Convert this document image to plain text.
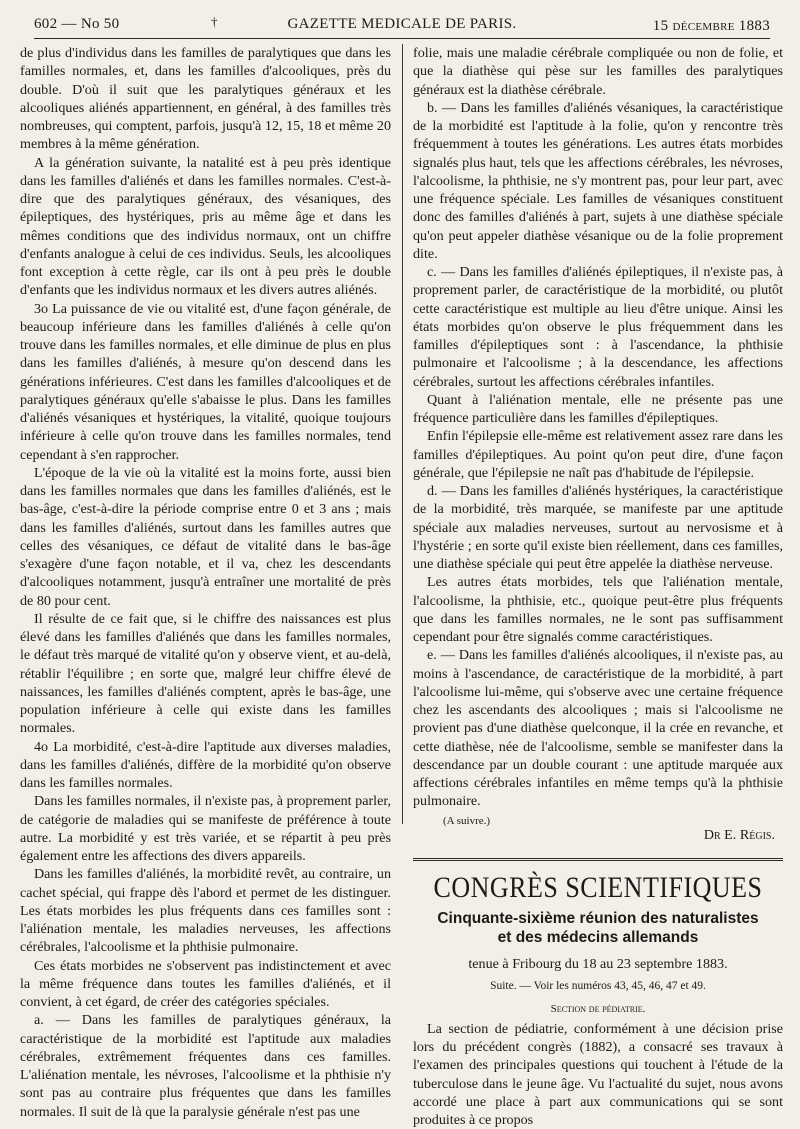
602 — No 50	†	GAZETTE MEDICALE DE PARIS.	15 décembre 1883

de plus d'individus dans les familles de paralytiques que dans les familles normales, et, dans les familles d'alcooliques, près du double. D'où il suit que les paralytiques généraux et les alcooliques aliénés appartiennent, en général, à des familles très nombreuses, qui comptent, parfois, jusqu'à 12, 15, 18 et même 20 membres à la même génération.

A la génération suivante, la natalité est à peu près identique dans les familles d'aliénés et dans les familles normales. C'est-à-dire que des paralytiques généraux, des vésaniques, des épileptiques, des hystériques, pris au même âge et dans les mêmes conditions que des individus normaux, ont un chiffre d'enfants analogue à celui de ces individus. Seuls, les alcooliques font exception à cette règle, car ils ont à peu près le double d'enfants que les individus normaux et les divers autres aliénés.

3o La puissance de vie ou vitalité est, d'une façon générale, de beaucoup inférieure dans les familles d'aliénés à celle qu'on trouve dans les familles normales, et elle diminue de plus en plus dans les familles d'aliénés, à mesure qu'on descend dans les générations inférieures. C'est dans les familles d'alcooliques et de paralytiques généraux qu'elle s'abaisse le plus. Dans les familles d'aliénés vésaniques et hystériques, la vitalité, quoique toujours inférieure à celle qu'on trouve dans les familles normales, tend cependant à s'en rapprocher.

L'époque de la vie où la vitalité est la moins forte, aussi bien dans les familles normales que dans les familles d'aliénés, est le bas-âge, c'est-à-dire la période comprise entre 0 et 3 ans ; mais dans les familles d'aliénés, surtout dans les familles autres que celles des vésaniques, ce défaut de vitalité dans le bas-âge s'exagère d'une façon notable, et il va, chez les descendants d'alcooliques notamment, jusqu'à entraîner une mortalité de près de 80 pour cent.

Il résulte de ce fait que, si le chiffre des naissances est plus élevé dans les familles d'aliénés que dans les familles normales, le défaut très marqué de vitalité qu'on y observe vient, et au-delà, rétablir l'équilibre ; en sorte que, malgré leur chiffre élevé de naissances, les familles d'aliénés comptent, après le bas-âge, une population inférieure à celle qui existe dans les familles normales.

4o La morbidité, c'est-à-dire l'aptitude aux diverses maladies, dans les familles d'aliénés, diffère de la morbidité qu'on observe dans les familles normales.

Dans les familles normales, il n'existe pas, à proprement parler, de catégorie de maladies qui se manifeste de préférence à toute autre. La morbidité y est très variée, et se répartit à peu près également entre les affections des divers appareils.

Dans les familles d'aliénés, la morbidité revêt, au contraire, un cachet spécial, qui frappe dès l'abord et permet de les distinguer. Les états morbides les plus fréquents dans ces familles sont : l'aliénation mentale, les maladies nerveuses, les affections cérébrales, l'alcoolisme et la phthisie pulmonaire.

Ces états morbides ne s'observent pas indistinctement et avec la même fréquence dans toutes les familles d'aliénés, et il convient, à cet égard, de créer des catégories spéciales.

a. — Dans les familles de paralytiques généraux, la caractéristique de la morbidité est l'aptitude aux maladies cérébrales, extrêmement fréquentes dans ces familles. L'aliénation mentale, les névroses, l'alcoolisme et la phthisie n'y sont pas au contraire plus fréquentes que dans les familles normales. Il suit de là que la paralysie générale n'est pas une

folie, mais une maladie cérébrale compliquée ou non de folie, et que la diathèse qui pèse sur les familles des paralytiques généraux est la diathèse cérébrale.

b. — Dans les familles d'aliénés vésaniques, la caractéristique de la morbidité est l'aptitude à la folie, qu'on y rencontre très fréquemment à toutes les générations. Les autres états morbides signalés plus haut, tels que les affections cérébrales, les névroses, l'alcoolisme, la phthisie, ne s'y montrent pas, pour leur part, avec une fréquence spéciale. Les familles de vésaniques constituent donc des familles d'aliénés à part, sujets à une diathèse spéciale qu'on peut appeler diathèse vésanique ou de la folie proprement dite.

c. — Dans les familles d'aliénés épileptiques, il n'existe pas, à proprement parler, de caractéristique de la morbidité, ou plutôt cette caractéristique est multiple au lieu d'être unique. Ainsi les états morbides qu'on observe le plus fréquemment dans les familles d'épileptiques sont : à l'ascendance, la phthisie pulmonaire et l'alcoolisme ; à la descendance, les affections cérébrales, surtout les affections cérébrales infantiles.

Quant à l'aliénation mentale, elle ne présente pas une fréquence particulière dans les familles d'épileptiques.

Enfin l'épilepsie elle-même est relativement assez rare dans les familles d'épileptiques. Au point qu'on peut dire, d'une façon générale, que l'épilepsie ne naît pas d'habitude de l'épilepsie.

d. — Dans les familles d'aliénés hystériques, la caractéristique de la morbidité, très marquée, se manifeste par une aptitude spéciale aux maladies nerveuses, surtout au nervosisme et à l'hystérie ; en sorte qu'il existe bien réellement, dans ces familles, une diathèse spéciale qui peut être appelée la diathèse nerveuse.

Les autres états morbides, tels que l'aliénation mentale, l'alcoolisme, la phthisie, etc., quoique peut-être plus fréquents que dans les familles normales, ne le sont pas suffisamment cependant pour être signalés comme caractéristiques.

e. — Dans les familles d'aliénés alcooliques, il n'existe pas, au moins à l'ascendance, de caractéristique de la morbidité, à part l'alcoolisme lui-même, qui s'observe avec une certaine fréquence chez les ascendants des alcooliques ; mais si l'alcoolisme ne provient pas d'une diathèse quelconque, il la crée en revanche, et cette diathèse, née de l'alcoolisme, semble se manifester dans la descendance par un double courant : une aptitude marquée aux affections cérébrales infantiles en même temps qu'à la phthisie pulmonaire.

(A suivre.)

Dr E. Régis.

CONGRÈS SCIENTIFIQUES

Cinquante-sixième réunion des naturalistes
et des médecins allemands

tenue à Fribourg du 18 au 23 septembre 1883.

Suite. — Voir les numéros 43, 45, 46, 47 et 49.

Section de pédiatrie.

La section de pédiatrie, conformément à une décision prise lors du précédent congrès (1882), a consacré ses travaux à l'examen des principales questions qui touchent à l'étude de la tuberculose dans le jeune âge. Vu l'actualité du sujet, nous avons accordé une place à part aux communications qui se sont produites à ce propos
